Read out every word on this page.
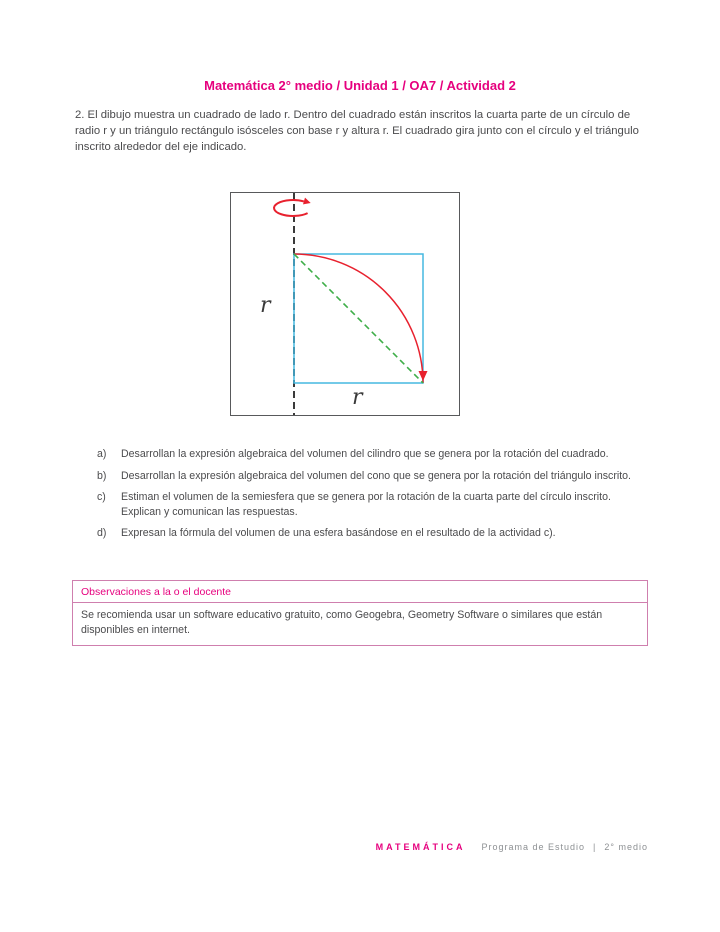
Matemática 2° medio / Unidad 1 / OA7 / Actividad 2

2. El dibujo muestra un cuadrado de lado r. Dentro del cuadrado están inscritos la cuarta parte de un círculo de radio r y un triángulo rectángulo isósceles con base r y altura r. El cuadrado gira junto con el círculo y el triángulo inscrito alrededor del eje indicado.

r
r
a)	Desarrollan la expresión algebraica del volumen del cilindro que se genera por la rotación del cuadrado.
b)	Desarrollan la expresión algebraica del volumen del cono que se genera por la rotación del triángulo inscrito.
c)	Estiman el volumen de la semiesfera que se genera por la rotación de la cuarta parte del círculo inscrito. Explican y comunican las respuestas.
d)	Expresan la fórmula del volumen de una esfera basándose en el resultado de la actividad c).
Observaciones a la o el docente
Se recomienda usar un software educativo gratuito, como Geogebra, Geometry Software o similares que están disponibles en internet.
MATEMÁTICA Programa de Estudio | 2° medio
